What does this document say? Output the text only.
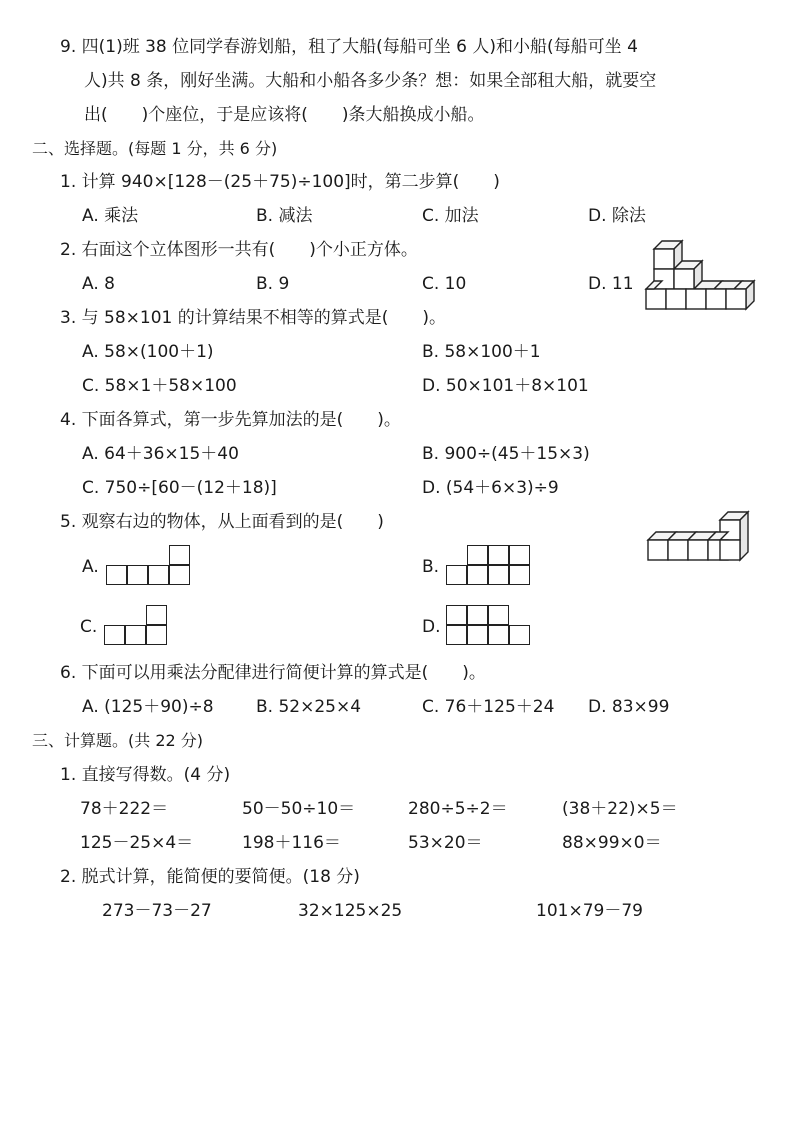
9. 四(1)班 38 位同学春游划船，租了大船(每船可坐 6 人)和小船(每船可坐 4
人)共 8 条，刚好坐满。大船和小船各多少条？想：如果全部租大船，就要空
出(　　)个座位，于是应该将(　　)条大船换成小船。
二、选择题。(每题 1 分，共 6 分)
1. 计算 940×[128－(25＋75)÷100]时，第二步算(　　)
A. 乘法	B. 减法	C. 加法	D. 除法
2. 右面这个立体图形一共有(　　)个小正方体。
A. 8	B. 9	C. 10	D. 11
3. 与 58×101 的计算结果不相等的算式是(　　)。
A. 58×(100＋1)	B. 58×100＋1
C. 58×1＋58×100	D. 50×101＋8×101
4. 下面各算式，第一步先算加法的是(　　)。
A. 64＋36×15＋40	B. 900÷(45＋15×3)
C. 750÷[60－(12＋18)]	D. (54＋6×3)÷9
5. 观察右边的物体，从上面看到的是(　　)
A.	B.
C.	D.
6. 下面可以用乘法分配律进行简便计算的算式是(　　)。
A. (125＋90)÷8 B. 52×25×4	C. 76＋125＋24 D. 83×99
三、计算题。(共 22 分)
1. 直接写得数。(4 分)
78＋222＝	50－50÷10＝	280÷5÷2＝	(38＋22)×5＝
125－25×4＝	198＋116＝	53×20＝	88×99×0＝
2. 脱式计算，能简便的要简便。(18 分)
273－73－27	32×125×25	101×79－79
